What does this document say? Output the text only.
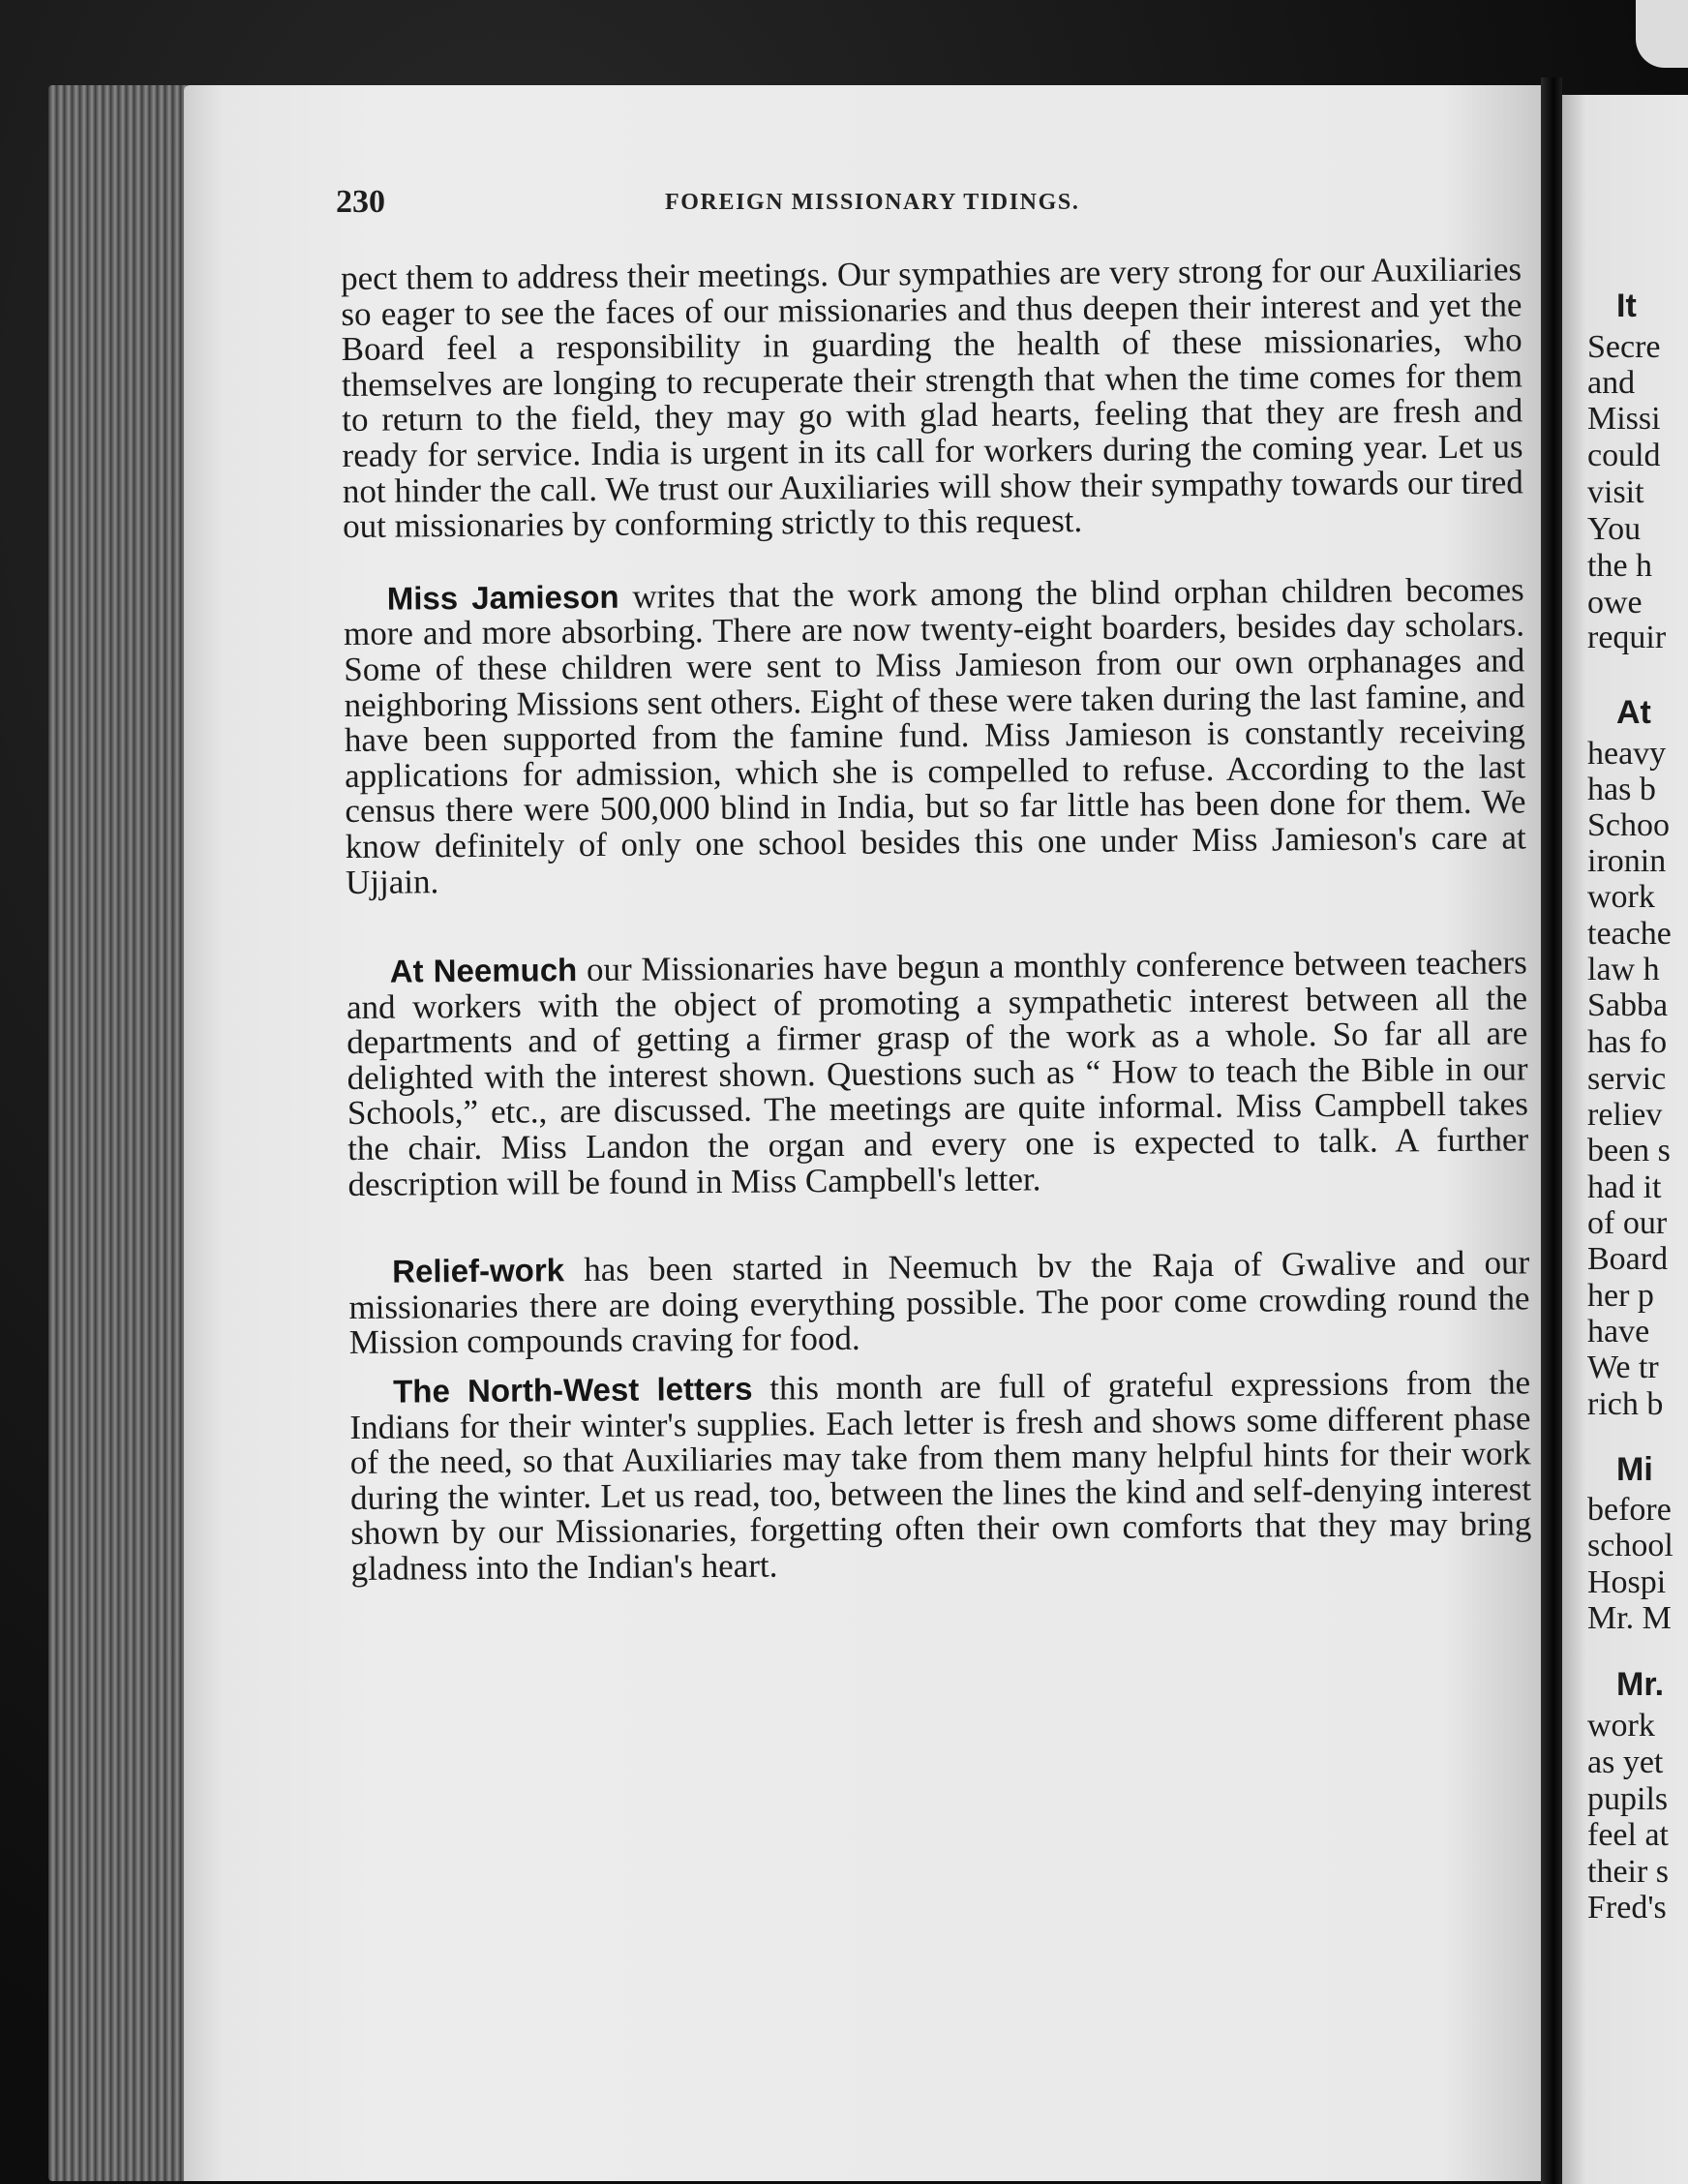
230	FOREIGN MISSIONARY TIDINGS.

pect them to address their meetings. Our sympathies are very strong for our Auxiliaries so eager to see the faces of our missionaries and thus deepen their interest and yet the Board feel a responsibility in guarding the health of these missionaries, who themselves are longing to recuperate their strength that when the time comes for them to return to the field, they may go with glad hearts, feeling that they are fresh and ready for service. India is urgent in its call for workers during the coming year. Let us not hinder the call. We trust our Auxiliaries will show their sympathy towards our tired out missionaries by conforming strictly to this request.

Miss Jamieson writes that the work among the blind orphan children becomes more and more absorbing. There are now twenty-eight boarders, besides day scholars. Some of these children were sent to Miss Jamieson from our own orphanages and neighboring Missions sent others. Eight of these were taken during the last famine, and have been supported from the famine fund. Miss Jamieson is constantly receiving applications for admission, which she is compelled to refuse. According to the last census there were 500,000 blind in India, but so far little has been done for them. We know definitely of only one school besides this one under Miss Jamieson's care at Ujjain.

At Neemuch our Missionaries have begun a monthly conference between teachers and workers with the object of promoting a sympathetic interest between all the departments and of getting a firmer grasp of the work as a whole. So far all are delighted with the interest shown. Questions such as “ How to teach the Bible in our Schools,” etc., are discussed. The meetings are quite informal. Miss Campbell takes the chair. Miss Landon the organ and every one is expected to talk. A further description will be found in Miss Campbell's letter.

Relief-work has been started in Neemuch bv the Raja of Gwalive and our missionaries there are doing everything possible. The poor come crowding round the Mission compounds craving for food.

The North-West letters this month are full of grateful expressions from the Indians for their winter's supplies. Each letter is fresh and shows some different phase of the need, so that Auxiliaries may take from them many helpful hints for their work during the winter. Let us read, too, between the lines the kind and self-denying interest shown by our Missionaries, forgetting often their own comforts that they may bring gladness into the Indian's heart.

It
Secre
and
Missi
could
visit
You
the h
owe
requir
At
heavy
has b
Schoo
ironin
work
teache
law h
Sabba
has fo
servic
reliev
been s
had it
of our
Board
her p
have
We tr
rich b
Mi
before
school
Hospi
Mr. M
Mr.
work
as yet
pupils
feel at
their s
Fred's
